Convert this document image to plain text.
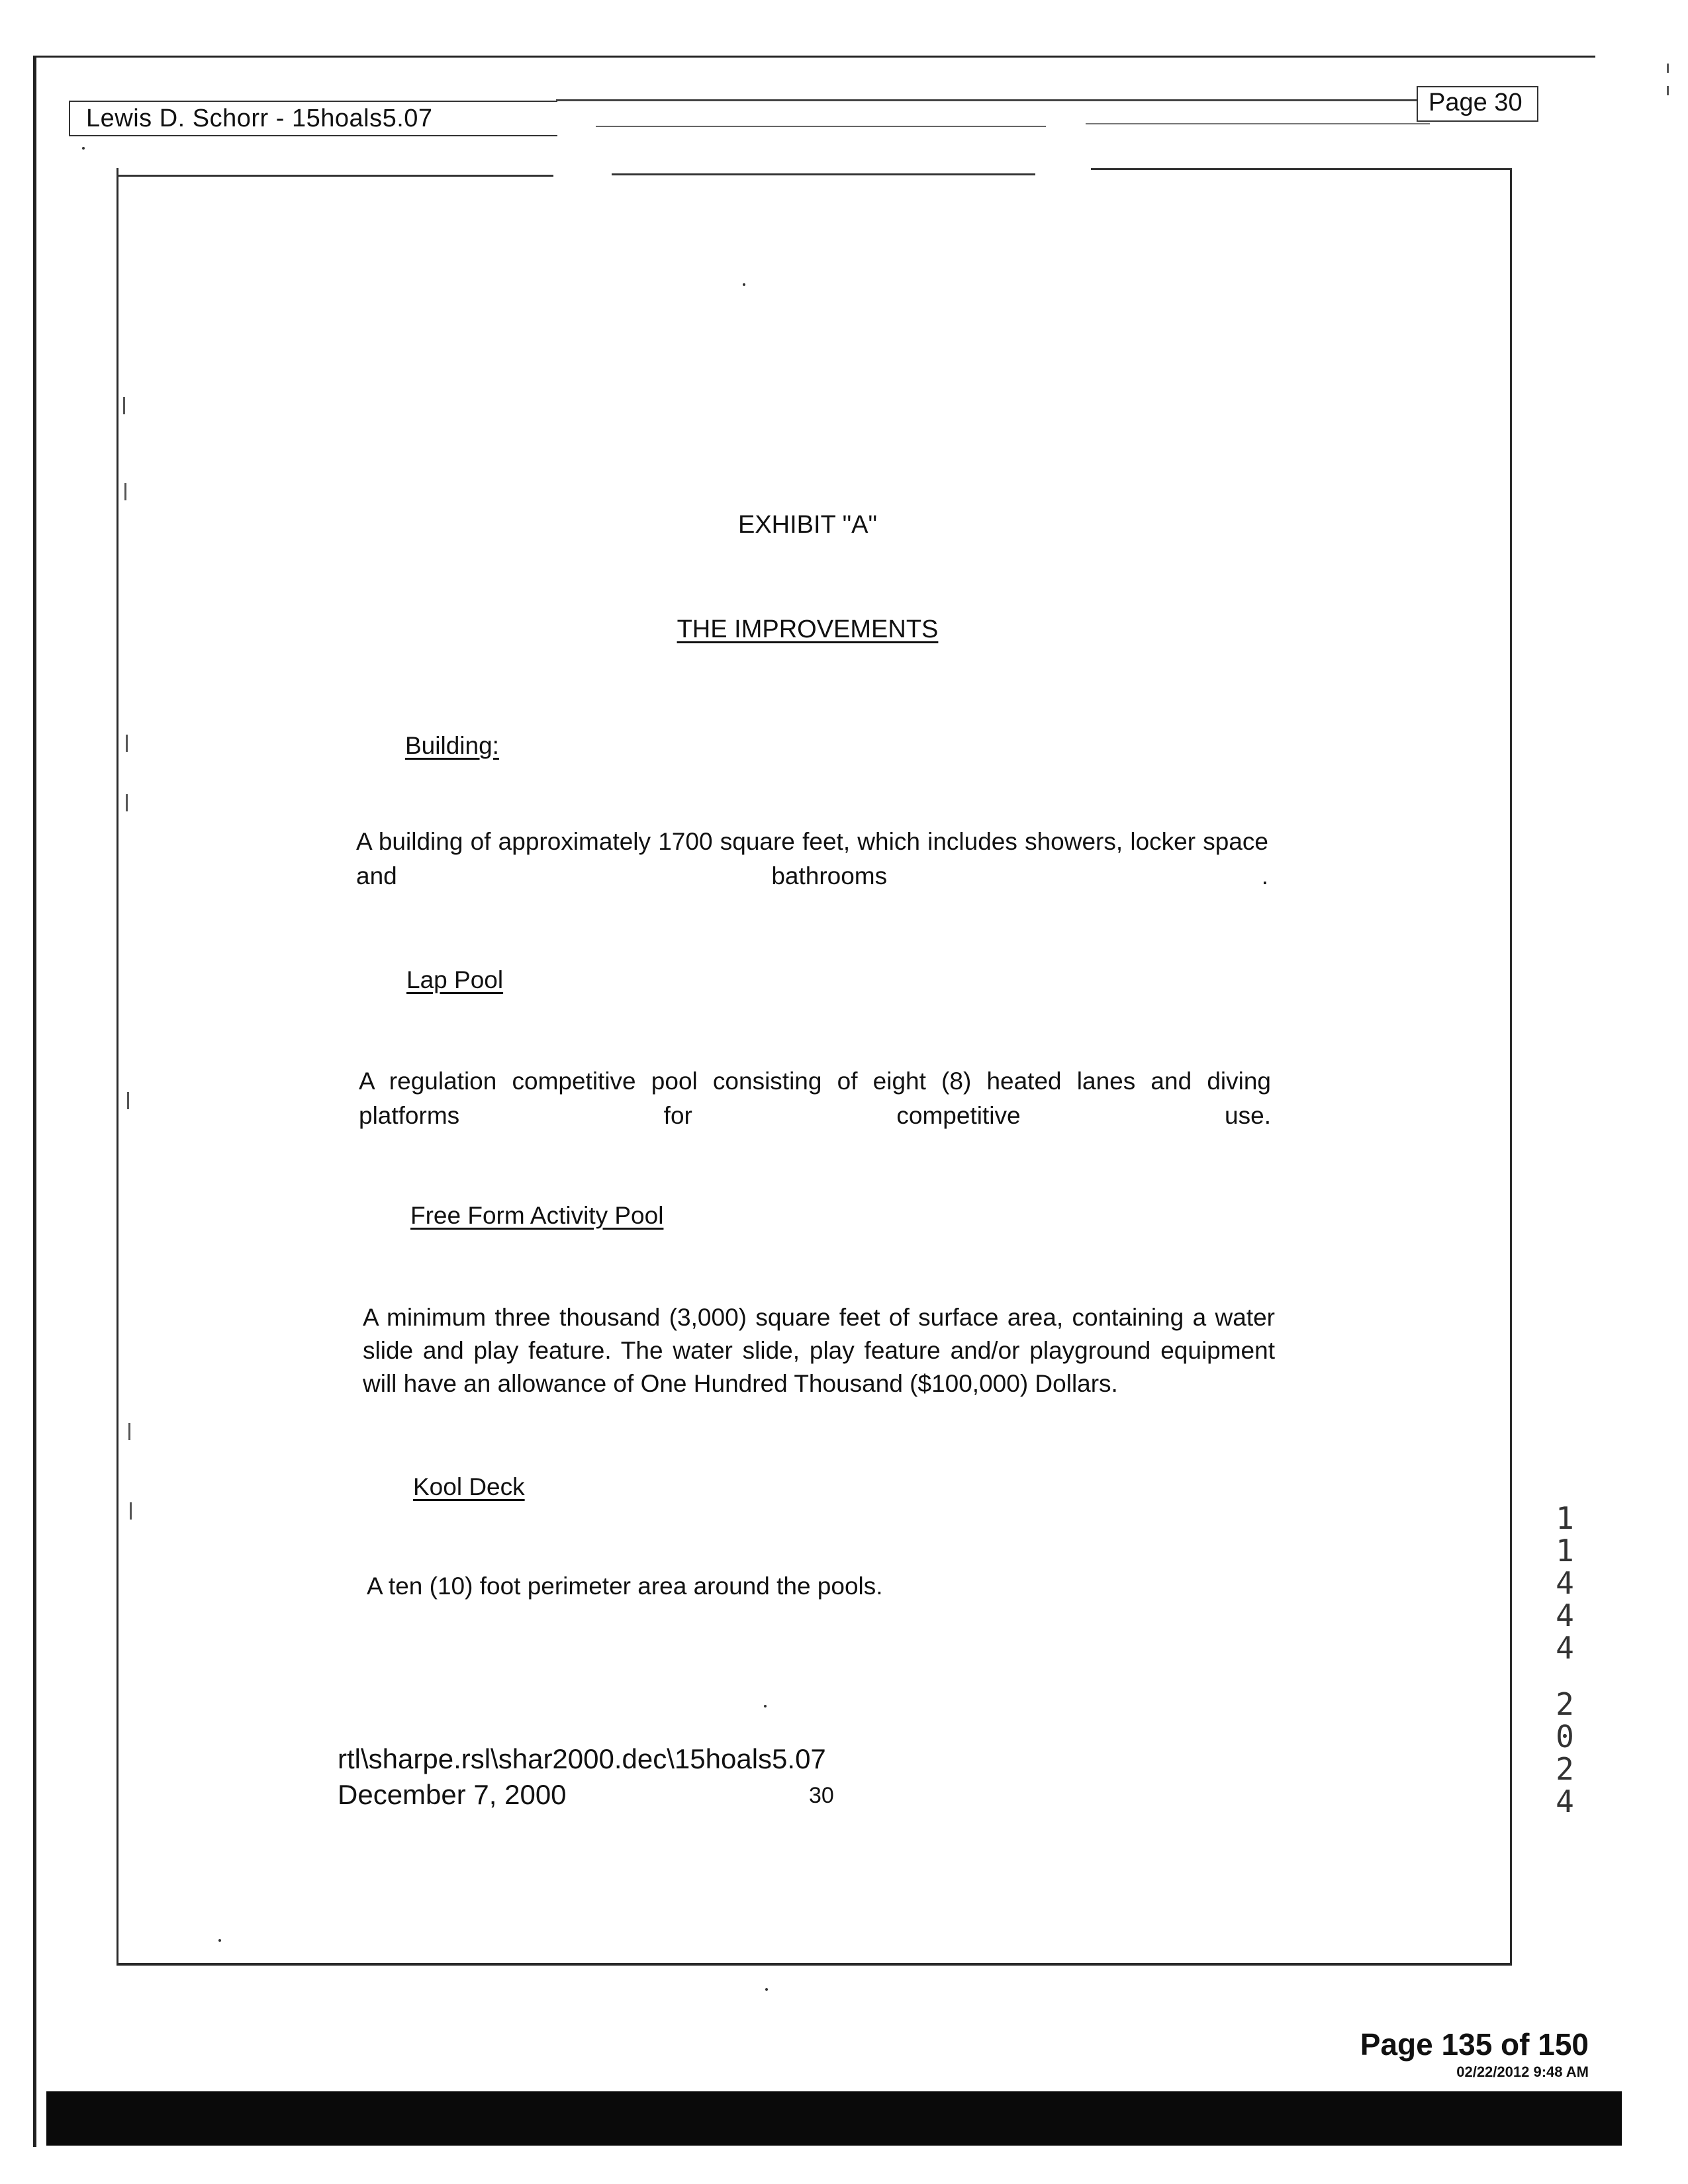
Lewis D. Schorr - 15hoals5.07
Page 30
EXHIBIT "A"
THE IMPROVEMENTS
Building:
A building of approximately 1700 square feet, which includes showers, locker space and bathrooms .
Lap Pool
A regulation competitive pool consisting of eight (8) heated lanes and diving platforms for competitive use.
Free Form Activity Pool
A minimum three thousand (3,000) square feet of surface area, containing a water slide and play feature. The water slide, play feature and/or playground equipment will have an allowance of One Hundred Thousand ($100,000) Dollars.
Kool Deck
A ten (10) foot perimeter area around the pools.
rtl\sharpe.rsl\shar2000.dec\15hoals5.07
December 7, 2000	30
1
1
4
4
4
2
0
2
4
Page 135 of 150
02/22/2012 9:48 AM
